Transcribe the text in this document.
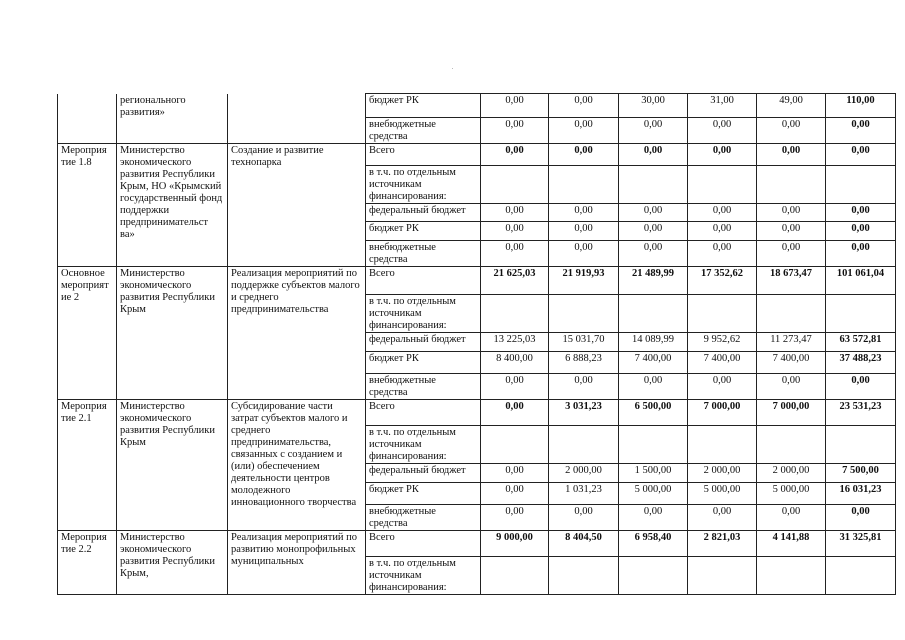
	регионального развития»		бюджет РК	0,00	0,00	30,00	31,00	49,00	110,00
			внебюджетные средства	0,00	0,00	0,00	0,00	0,00	0,00
Мероприя тие 1.8	Министерство экономического развития Республики Крым, НО «Крымский государственный фонд поддержки предпринимательст ва»	Создание и развитие технопарка	Всего	0,00	0,00	0,00	0,00	0,00	0,00
			в т.ч. по отдельным источникам финансирования:						
			федеральный бюджет	0,00	0,00	0,00	0,00	0,00	0,00
			бюджет РК	0,00	0,00	0,00	0,00	0,00	0,00
			внебюджетные средства	0,00	0,00	0,00	0,00	0,00	0,00
Основное мероприят ие 2	Министерство экономического развития Республики Крым	Реализация мероприятий по поддержке субъектов малого и среднего предпринимательства	Всего	21 625,03	21 919,93	21 489,99	17 352,62	18 673,47	101 061,04
			в т.ч. по отдельным источникам финансирования:						
			федеральный бюджет	13 225,03	15 031,70	14 089,99	9 952,62	11 273,47	63 572,81
			бюджет РК	8 400,00	6 888,23	7 400,00	7 400,00	7 400,00	37 488,23
			внебюджетные средства	0,00	0,00	0,00	0,00	0,00	0,00
Мероприя тие 2.1	Министерство экономического развития Республики Крым	Субсидирование части затрат субъектов малого и среднего предпринимательства, связанных с созданием и (или) обеспечением деятельности центров молодежного инновационного творчества	Всего	0,00	3 031,23	6 500,00	7 000,00	7 000,00	23 531,23
			в т.ч. по отдельным источникам финансирования:						
			федеральный бюджет	0,00	2 000,00	1 500,00	2 000,00	2 000,00	7 500,00
			бюджет РК	0,00	1 031,23	5 000,00	5 000,00	5 000,00	16 031,23
			внебюджетные средства	0,00	0,00	0,00	0,00	0,00	0,00
Мероприя тие 2.2	Министерство экономического развития Республики Крым,	Реализация мероприятий по развитию монопрофильных муниципальных	Всего	9 000,00	8 404,50	6 958,40	2 821,03	4 141,88	31 325,81
			в т.ч. по отдельным источникам финансирования:						
